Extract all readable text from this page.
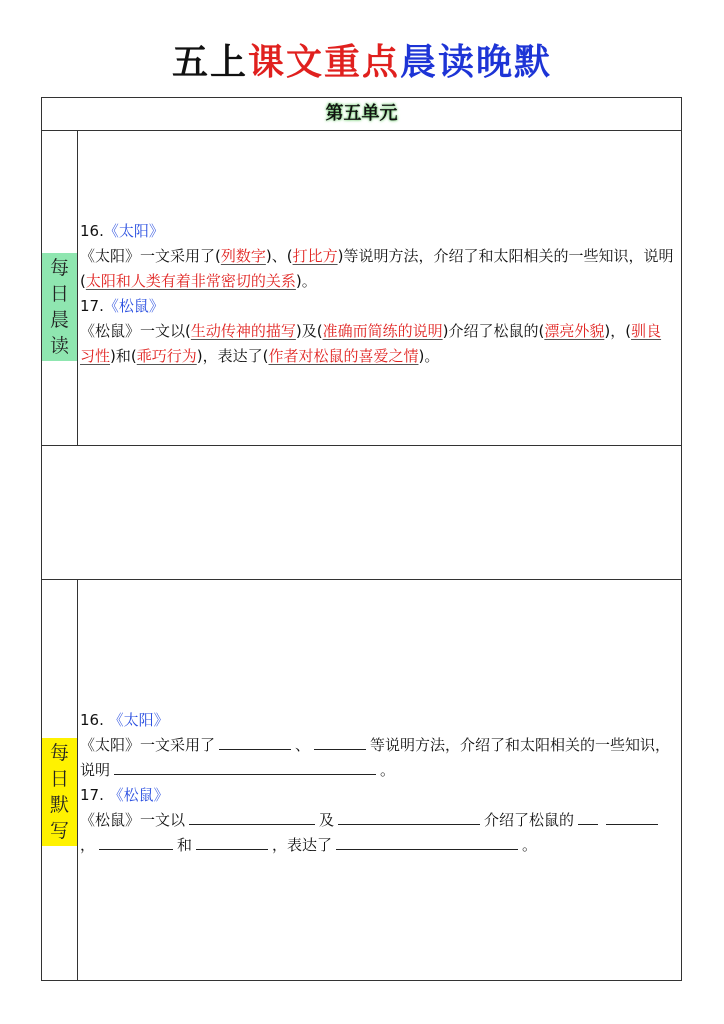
五上课文重点晨读晚默
第五单元
每
日
晨
读
16.《太阳》
《太阳》一文采用了(列数字)、(打比方)等说明方法，介绍了和太阳相关的一些知识，说明(太阳和人类有着非常密切的关系)。
17.《松鼠》
《松鼠》一文以(生动传神的描写)及(准确而简练的说明)介绍了松鼠的(漂亮外貌)，(驯良习性)和(乖巧行为)，表达了(作者对松鼠的喜爱之情)。
每
日
默
写
16. 《太阳》
《太阳》一文采用了	、	等说明方法，介绍了和太阳相关的一些知识，说明	。
17. 《松鼠》
《松鼠》一文以	及	介绍了松鼠的，	和	，表达了	。
